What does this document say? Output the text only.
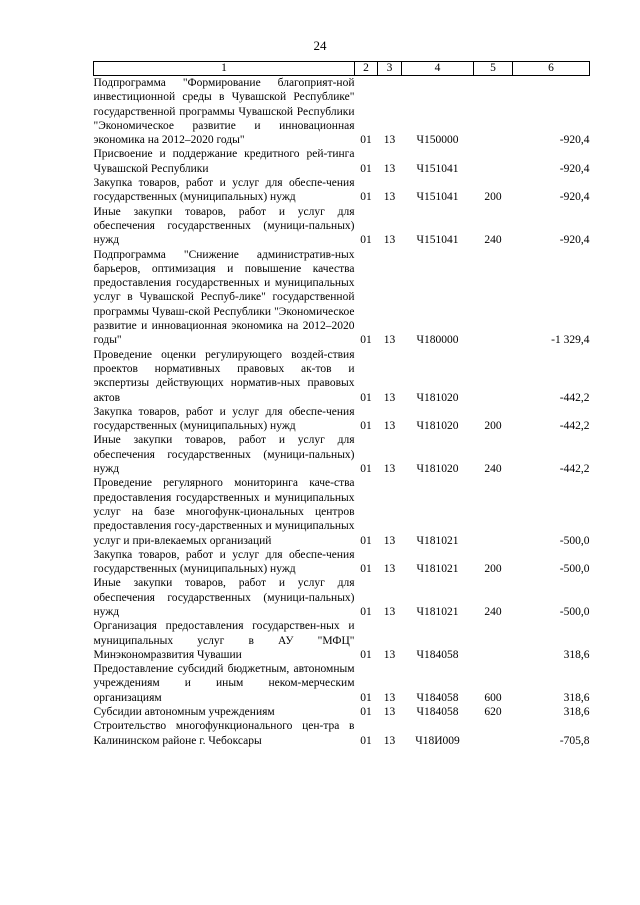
24
1	2	3	4	5	6
Подпрограмма "Формирование благоприят-ной инвестиционной среды в Чувашской Республике" государственной программы Чувашской Республики "Экономическое развитие и инновационная экономика на 2012–2020 годы"	01	13	Ч150000		-920,4
Присвоение и поддержание кредитного рей-тинга Чувашской Республики	01	13	Ч151041		-920,4
Закупка товаров, работ и услуг для обеспе-чения государственных (муниципальных) нужд	01	13	Ч151041	200	-920,4
Иные закупки товаров, работ и услуг для обеспечения государственных (муници-пальных) нужд	01	13	Ч151041	240	-920,4
Подпрограмма "Снижение административ-ных барьеров, оптимизация и повышение качества предоставления государственных и муниципальных услуг в Чувашской Респуб-лике" государственной программы Чуваш-ской Республики "Экономическое развитие и инновационная экономика на 2012–2020 годы"	01	13	Ч180000		-1 329,4
Проведение оценки регулирующего воздей-ствия проектов нормативных правовых ак-тов и экспертизы действующих норматив-ных правовых актов	01	13	Ч181020		-442,2
Закупка товаров, работ и услуг для обеспе-чения государственных (муниципальных) нужд	01	13	Ч181020	200	-442,2
Иные закупки товаров, работ и услуг для обеспечения государственных (муници-пальных) нужд	01	13	Ч181020	240	-442,2
Проведение регулярного мониторинга каче-ства предоставления государственных и муниципальных услуг на базе многофунк-циональных центров предоставления госу-дарственных и муниципальных услуг и при-влекаемых организаций	01	13	Ч181021		-500,0
Закупка товаров, работ и услуг для обеспе-чения государственных (муниципальных) нужд	01	13	Ч181021	200	-500,0
Иные закупки товаров, работ и услуг для обеспечения государственных (муници-пальных) нужд	01	13	Ч181021	240	-500,0
Организация предоставления государствен-ных и муниципальных услуг в АУ "МФЦ" Минэкономразвития Чувашии	01	13	Ч184058		318,6
Предоставление субсидий бюджетным, автономным учреждениям и иным неком-мерческим организациям	01	13	Ч184058	600	318,6
Субсидии автономным учреждениям	01	13	Ч184058	620	318,6
Строительство многофункционального цен-тра в Калининском районе г. Чебоксары	01	13	Ч18И009		-705,8
